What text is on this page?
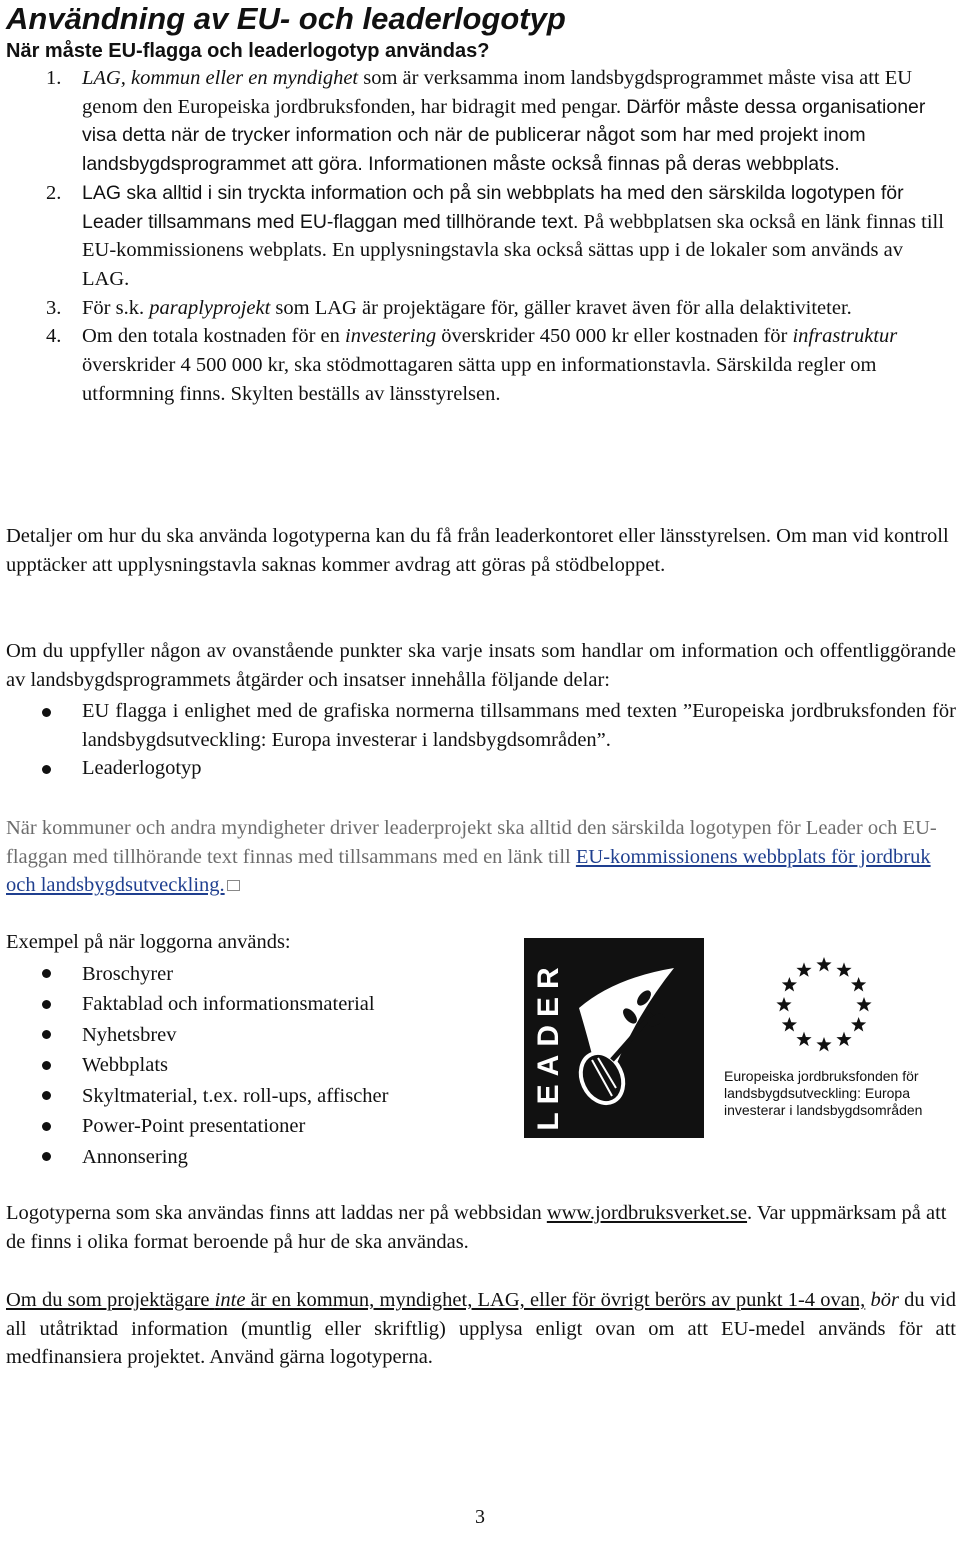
Användning av EU- och leaderlogotyp
När måste EU-flagga och leaderlogotyp användas?
1. LAG, kommun eller en myndighet som är verksamma inom landsbygdsprogrammet måste visa att EU genom den Europeiska jordbruksfonden, har bidragit med pengar. Därför måste dessa organisationer visa detta när de trycker information och när de publicerar något som har med projekt inom landsbygdsprogrammet att göra. Informationen måste också finnas på deras webbplats.
2. LAG ska alltid i sin tryckta information och på sin webbplats ha med den särskilda logotypen för Leader tillsammans med EU-flaggan med tillhörande text. På webbplatsen ska också en länk finnas till EU-kommissionens webplats. En upplysningstavla ska också sättas upp i de lokaler som används av LAG.
3. För s.k. paraplyprojekt som LAG är projektägare för, gäller kravet även för alla delaktiviteter.
4. Om den totala kostnaden för en investering överskrider 450 000 kr eller kostnaden för infrastruktur överskrider 4 500 000 kr, ska stödmottagaren sätta upp en informationstavla. Särskilda regler om utformning finns. Skylten beställs av länsstyrelsen.
Detaljer om hur du ska använda logotyperna kan du få från leaderkontoret eller länsstyrelsen. Om man vid kontroll upptäcker att upplysningstavla saknas kommer avdrag att göras på stödbeloppet.
Om du uppfyller någon av ovanstående punkter ska varje insats som handlar om information och offentliggörande av landsbygdsprogrammets åtgärder och insatser innehålla följande delar:
EU flagga i enlighet med de grafiska normerna tillsammans med texten ”Europeiska jordbruksfonden för landsbygdsutveckling: Europa investerar i landsbygdsområden”.
Leaderlogotyp
När kommuner och andra myndigheter driver leaderprojekt ska alltid den särskilda logotypen för Leader och EU-flaggan med tillhörande text finnas med tillsammans med en länk till EU-kommissionens webbplats för jordbruk och landsbygdsutveckling.
Exempel på när loggorna används:
Broschyrer
Faktablad och informationsmaterial
Nyhetsbrev
Webbplats
Skyltmaterial, t.ex. roll-ups, affischer
Power-Point presentationer
Annonsering
LEADER	Europeiska jordbruksfonden för
landsbygdsutveckling: Europa
investerar i landsbygdsområden
Logotyperna som ska användas finns att laddas ner på webbsidan www.jordbruksverket.se. Var uppmärksam på att de finns i olika format beroende på hur de ska användas.
Om du som projektägare inte är en kommun, myndighet, LAG, eller för övrigt berörs av punkt 1-4 ovan, bör du vid all utåtriktad information (muntlig eller skriftlig) upplysa enligt ovan om att EU-medel används för att medfinansiera projektet. Använd gärna logotyperna.
3
